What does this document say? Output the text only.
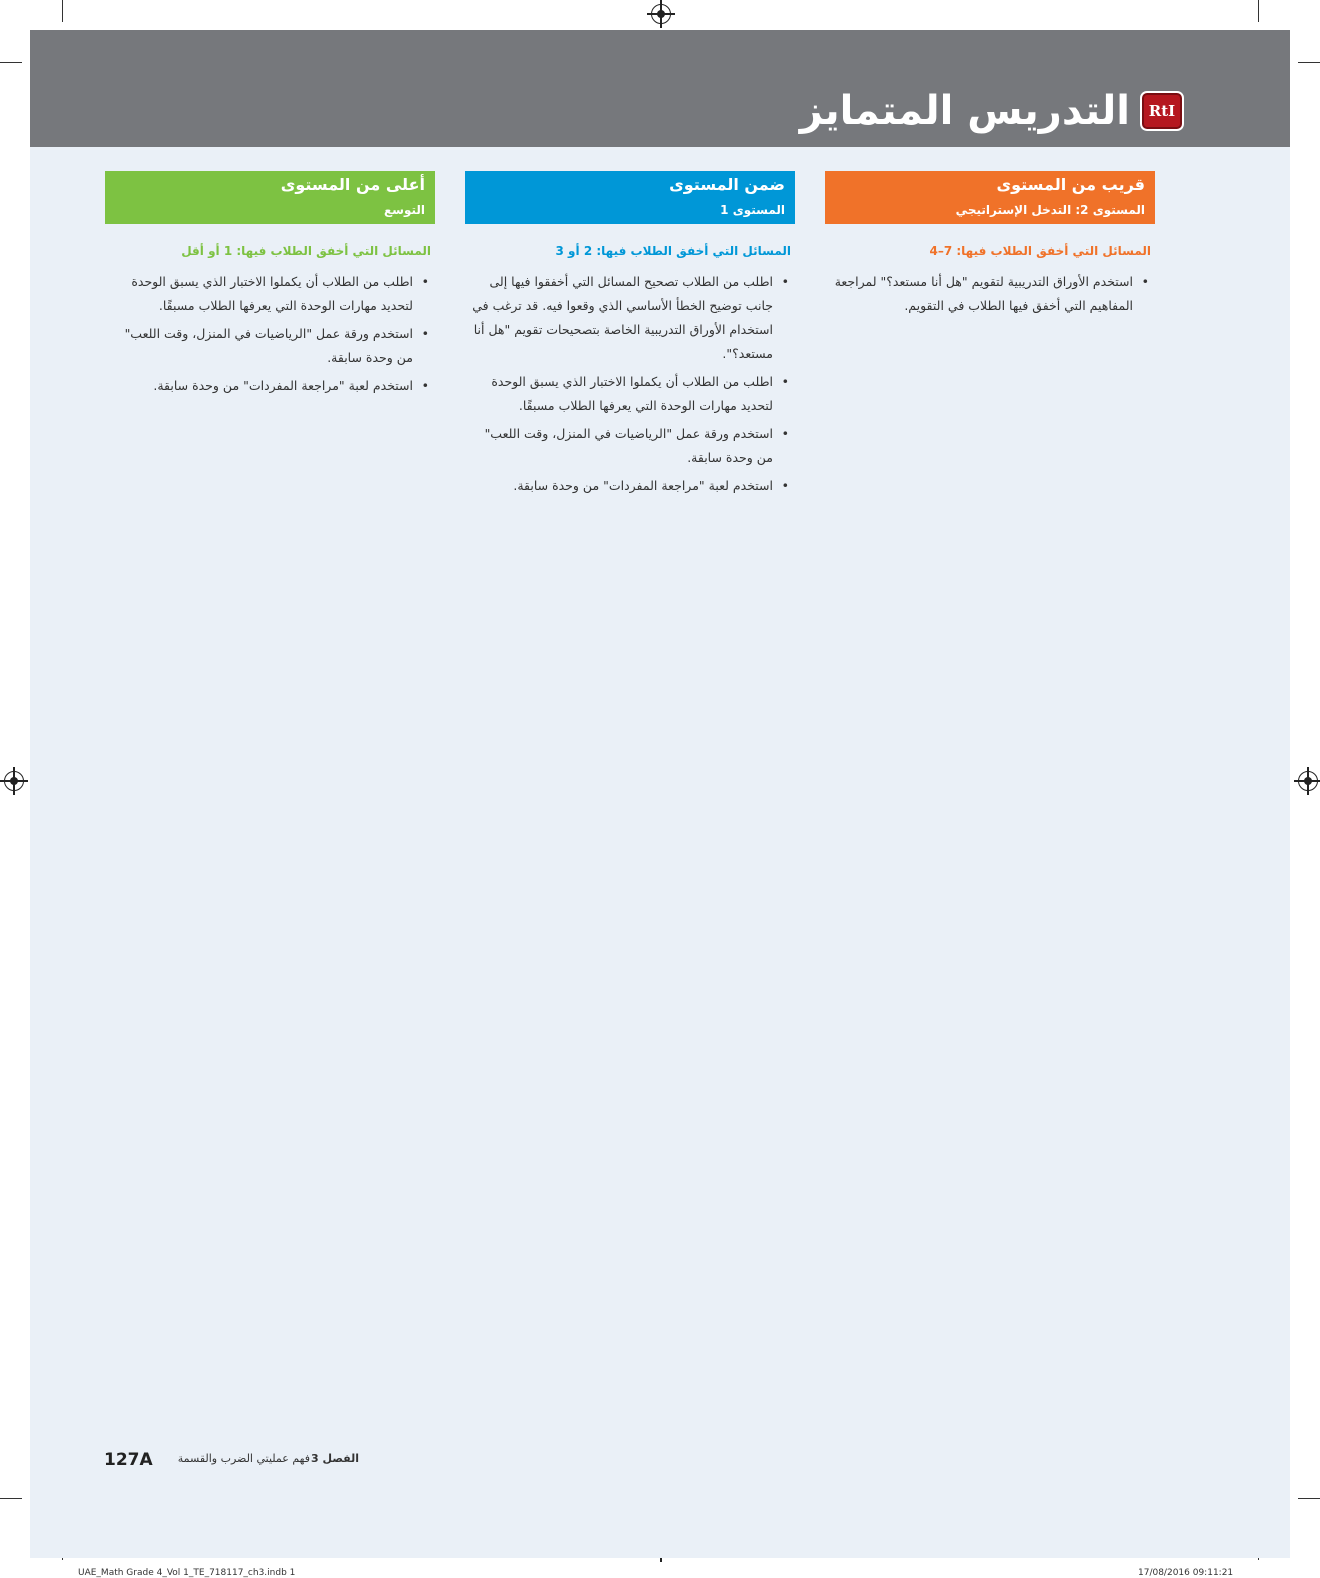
RtI
التدريس المتمايز
قريب من المستوى
المستوى 2: التدخل الإستراتيجي
المسائل التي أخفق الطلاب فيها: 7–4
• استخدم الأوراق التدريبية لتقويم "هل أنا مستعد؟" لمراجعة المفاهيم التي أخفق فيها الطلاب في التقويم.
ضمن المستوى
المستوى 1
المسائل التي أخفق الطلاب فيها: 2 أو 3
• اطلب من الطلاب تصحيح المسائل التي أخفقوا فيها إلى جانب توضيح الخطأ الأساسي الذي وقعوا فيه. قد ترغب في استخدام الأوراق التدريبية الخاصة بتصحيحات تقويم "هل أنا مستعد؟".
• اطلب من الطلاب أن يكملوا الاختبار الذي يسبق الوحدة لتحديد مهارات الوحدة التي يعرفها الطلاب مسبقًا.
• استخدم ورقة عمل "الرياضيات في المنزل، وقت اللعب" من وحدة سابقة.
• استخدم لعبة "مراجعة المفردات" من وحدة سابقة.
أعلى من المستوى
التوسع
المسائل التي أخفق الطلاب فيها: 1 أو أقل
• اطلب من الطلاب أن يكملوا الاختبار الذي يسبق الوحدة لتحديد مهارات الوحدة التي يعرفها الطلاب مسبقًا.
• استخدم ورقة عمل "الرياضيات في المنزل، وقت اللعب" من وحدة سابقة.
• استخدم لعبة "مراجعة المفردات" من وحدة سابقة.
127A	الفصل 3
فهم عمليتي الضرب والقسمة
UAE_Math Grade 4_Vol 1_TE_718117_ch3.indb 1	17/08/2016 09:11:21
